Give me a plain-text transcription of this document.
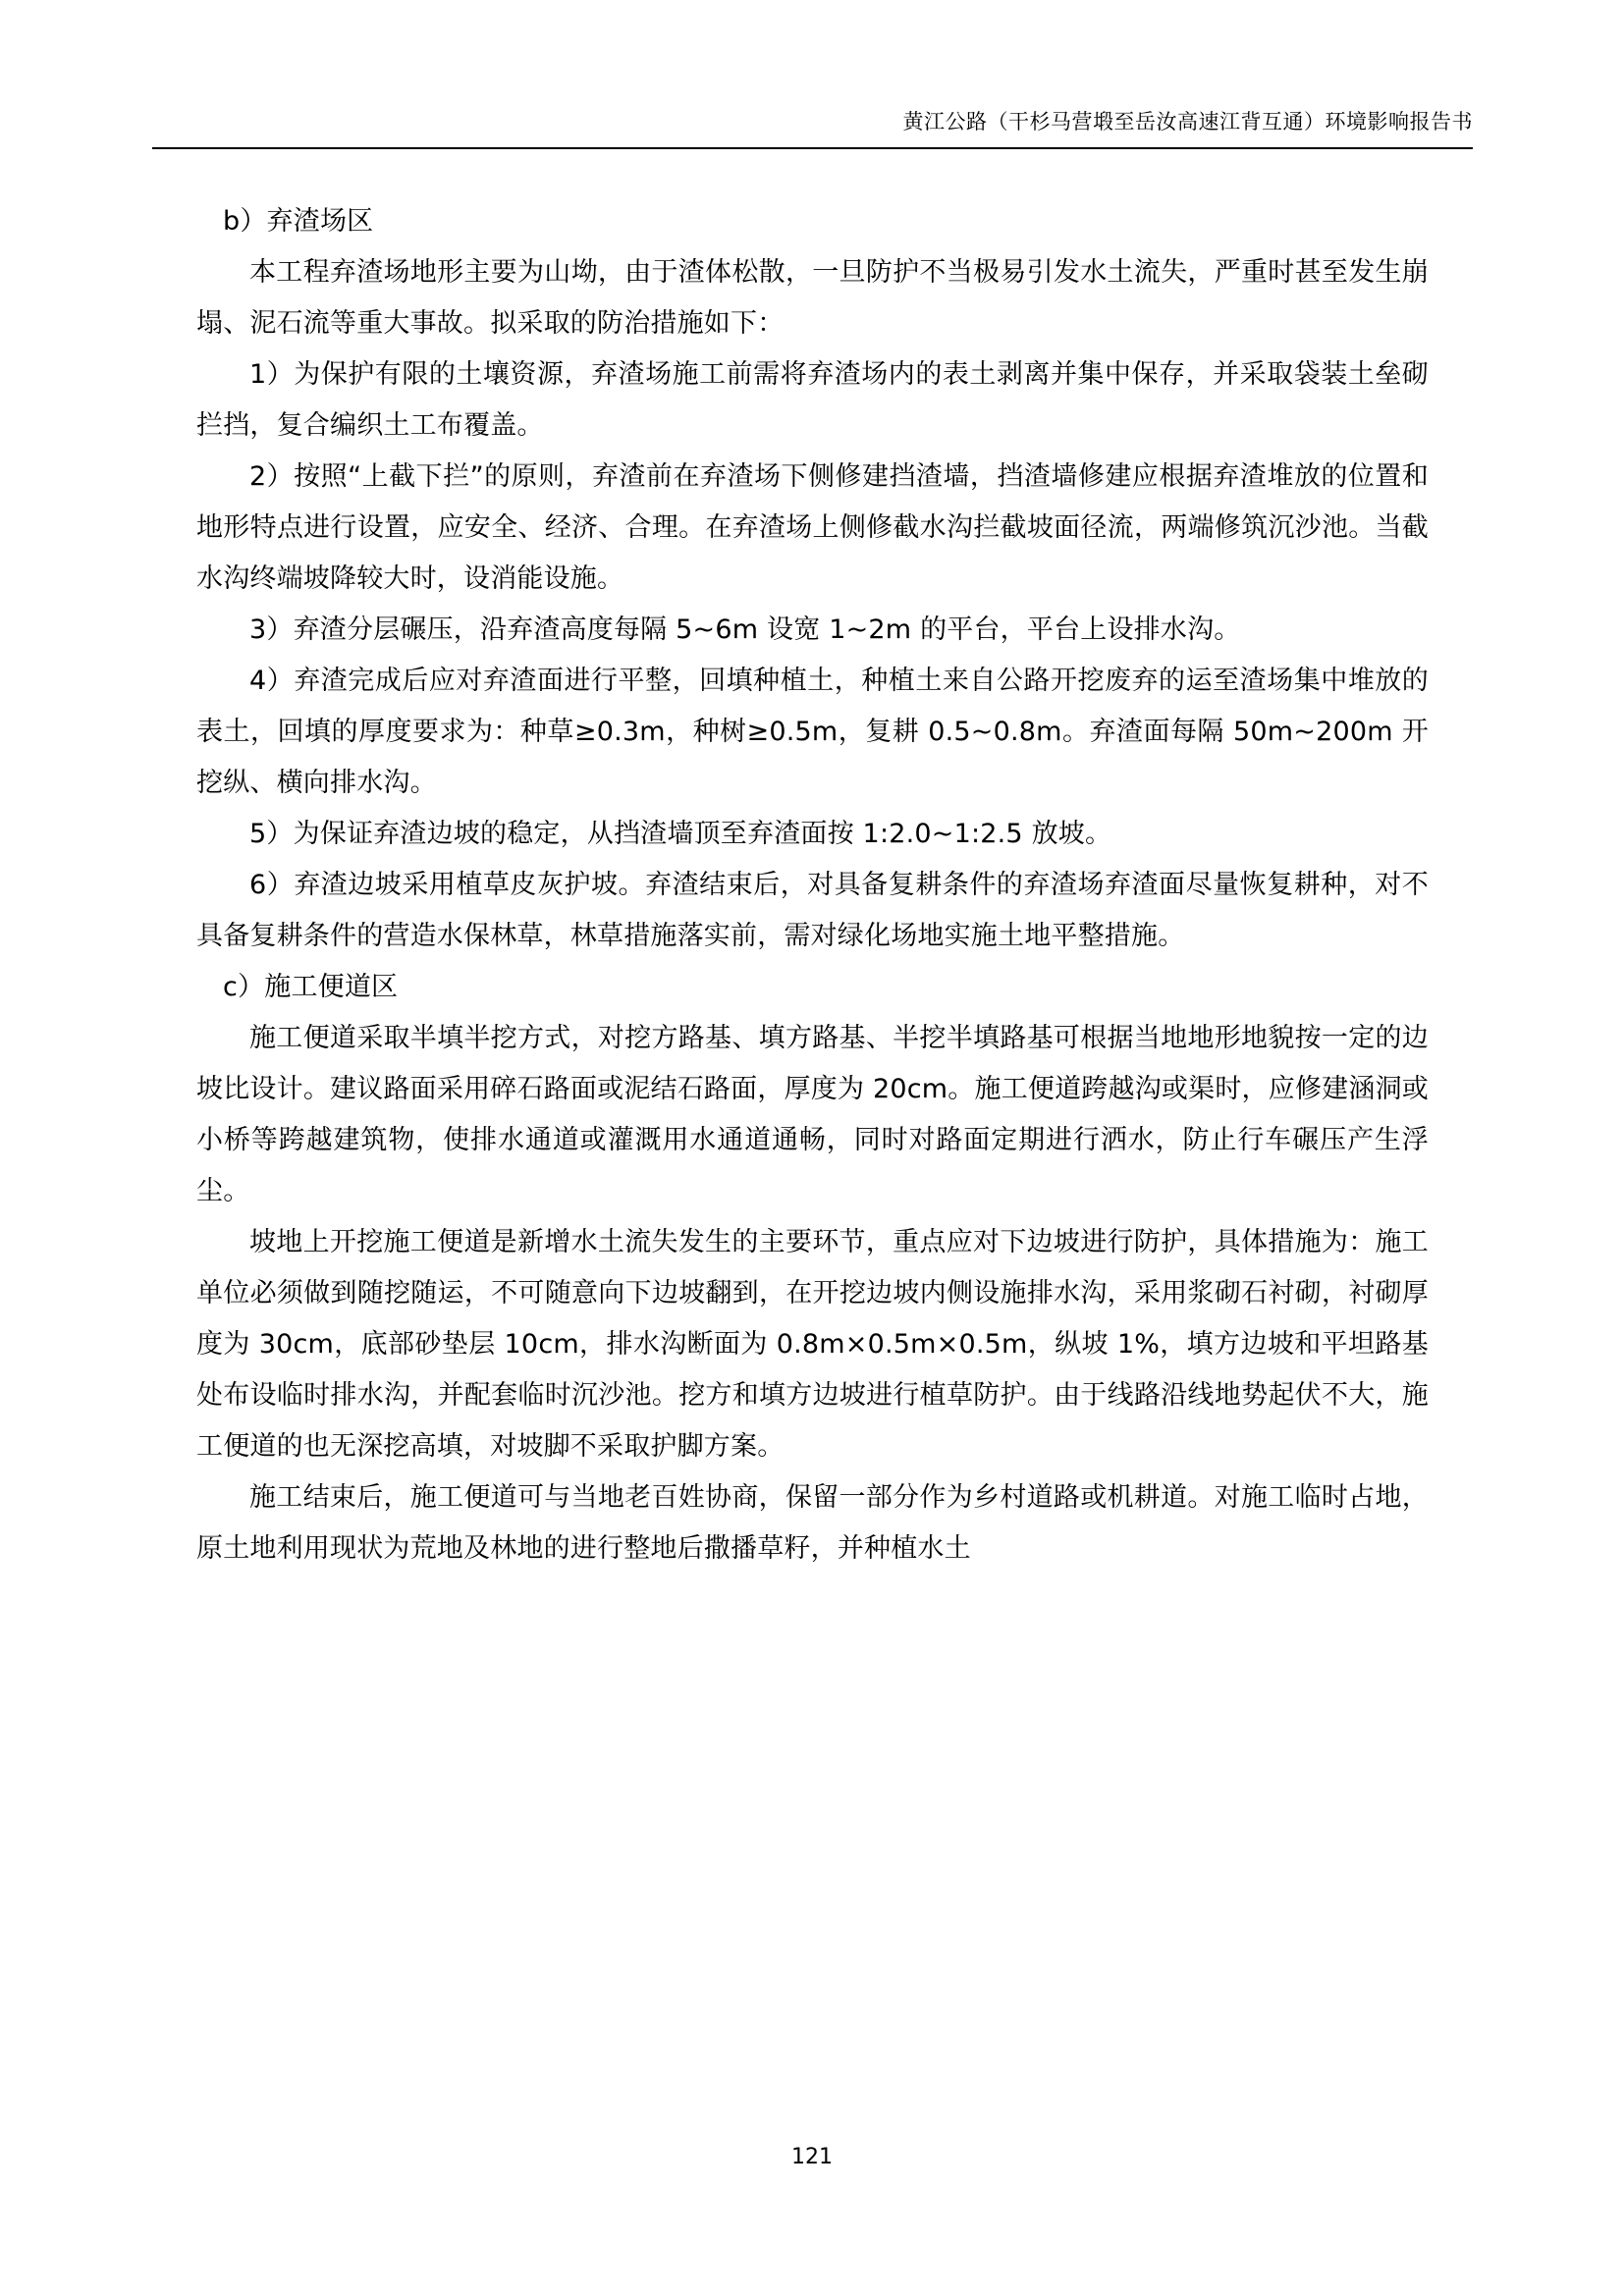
黄江公路（干杉马营塅至岳汝高速江背互通）环境影响报告书

b）弃渣场区

本工程弃渣场地形主要为山坳，由于渣体松散，一旦防护不当极易引发水土流失，严重时甚至发生崩塌、泥石流等重大事故。拟采取的防治措施如下：

1）为保护有限的土壤资源，弃渣场施工前需将弃渣场内的表土剥离并集中保存，并采取袋装土垒砌拦挡，复合编织土工布覆盖。

2）按照“上截下拦”的原则，弃渣前在弃渣场下侧修建挡渣墙，挡渣墙修建应根据弃渣堆放的位置和地形特点进行设置，应安全、经济、合理。在弃渣场上侧修截水沟拦截坡面径流，两端修筑沉沙池。当截水沟终端坡降较大时，设消能设施。

3）弃渣分层碾压，沿弃渣高度每隔 5~6m 设宽 1~2m 的平台，平台上设排水沟。

4）弃渣完成后应对弃渣面进行平整，回填种植土，种植土来自公路开挖废弃的运至渣场集中堆放的表土，回填的厚度要求为：种草≥0.3m，种树≥0.5m，复耕 0.5~0.8m。弃渣面每隔 50m~200m 开挖纵、横向排水沟。

5）为保证弃渣边坡的稳定，从挡渣墙顶至弃渣面按 1:2.0~1:2.5 放坡。

6）弃渣边坡采用植草皮灰护坡。弃渣结束后，对具备复耕条件的弃渣场弃渣面尽量恢复耕种，对不具备复耕条件的营造水保林草，林草措施落实前，需对绿化场地实施土地平整措施。

c）施工便道区

施工便道采取半填半挖方式，对挖方路基、填方路基、半挖半填路基可根据当地地形地貌按一定的边坡比设计。建议路面采用碎石路面或泥结石路面，厚度为 20cm。施工便道跨越沟或渠时，应修建涵洞或小桥等跨越建筑物，使排水通道或灌溉用水通道通畅，同时对路面定期进行洒水，防止行车碾压产生浮尘。

坡地上开挖施工便道是新增水土流失发生的主要环节，重点应对下边坡进行防护，具体措施为：施工单位必须做到随挖随运，不可随意向下边坡翻到，在开挖边坡内侧设施排水沟，采用浆砌石衬砌，衬砌厚度为 30cm，底部砂垫层 10cm，排水沟断面为 0.8m×0.5m×0.5m，纵坡 1%，填方边坡和平坦路基处布设临时排水沟，并配套临时沉沙池。挖方和填方边坡进行植草防护。由于线路沿线地势起伏不大，施工便道的也无深挖高填，对坡脚不采取护脚方案。

施工结束后，施工便道可与当地老百姓协商，保留一部分作为乡村道路或机耕道。对施工临时占地，原土地利用现状为荒地及林地的进行整地后撒播草籽，并种植水土

121
